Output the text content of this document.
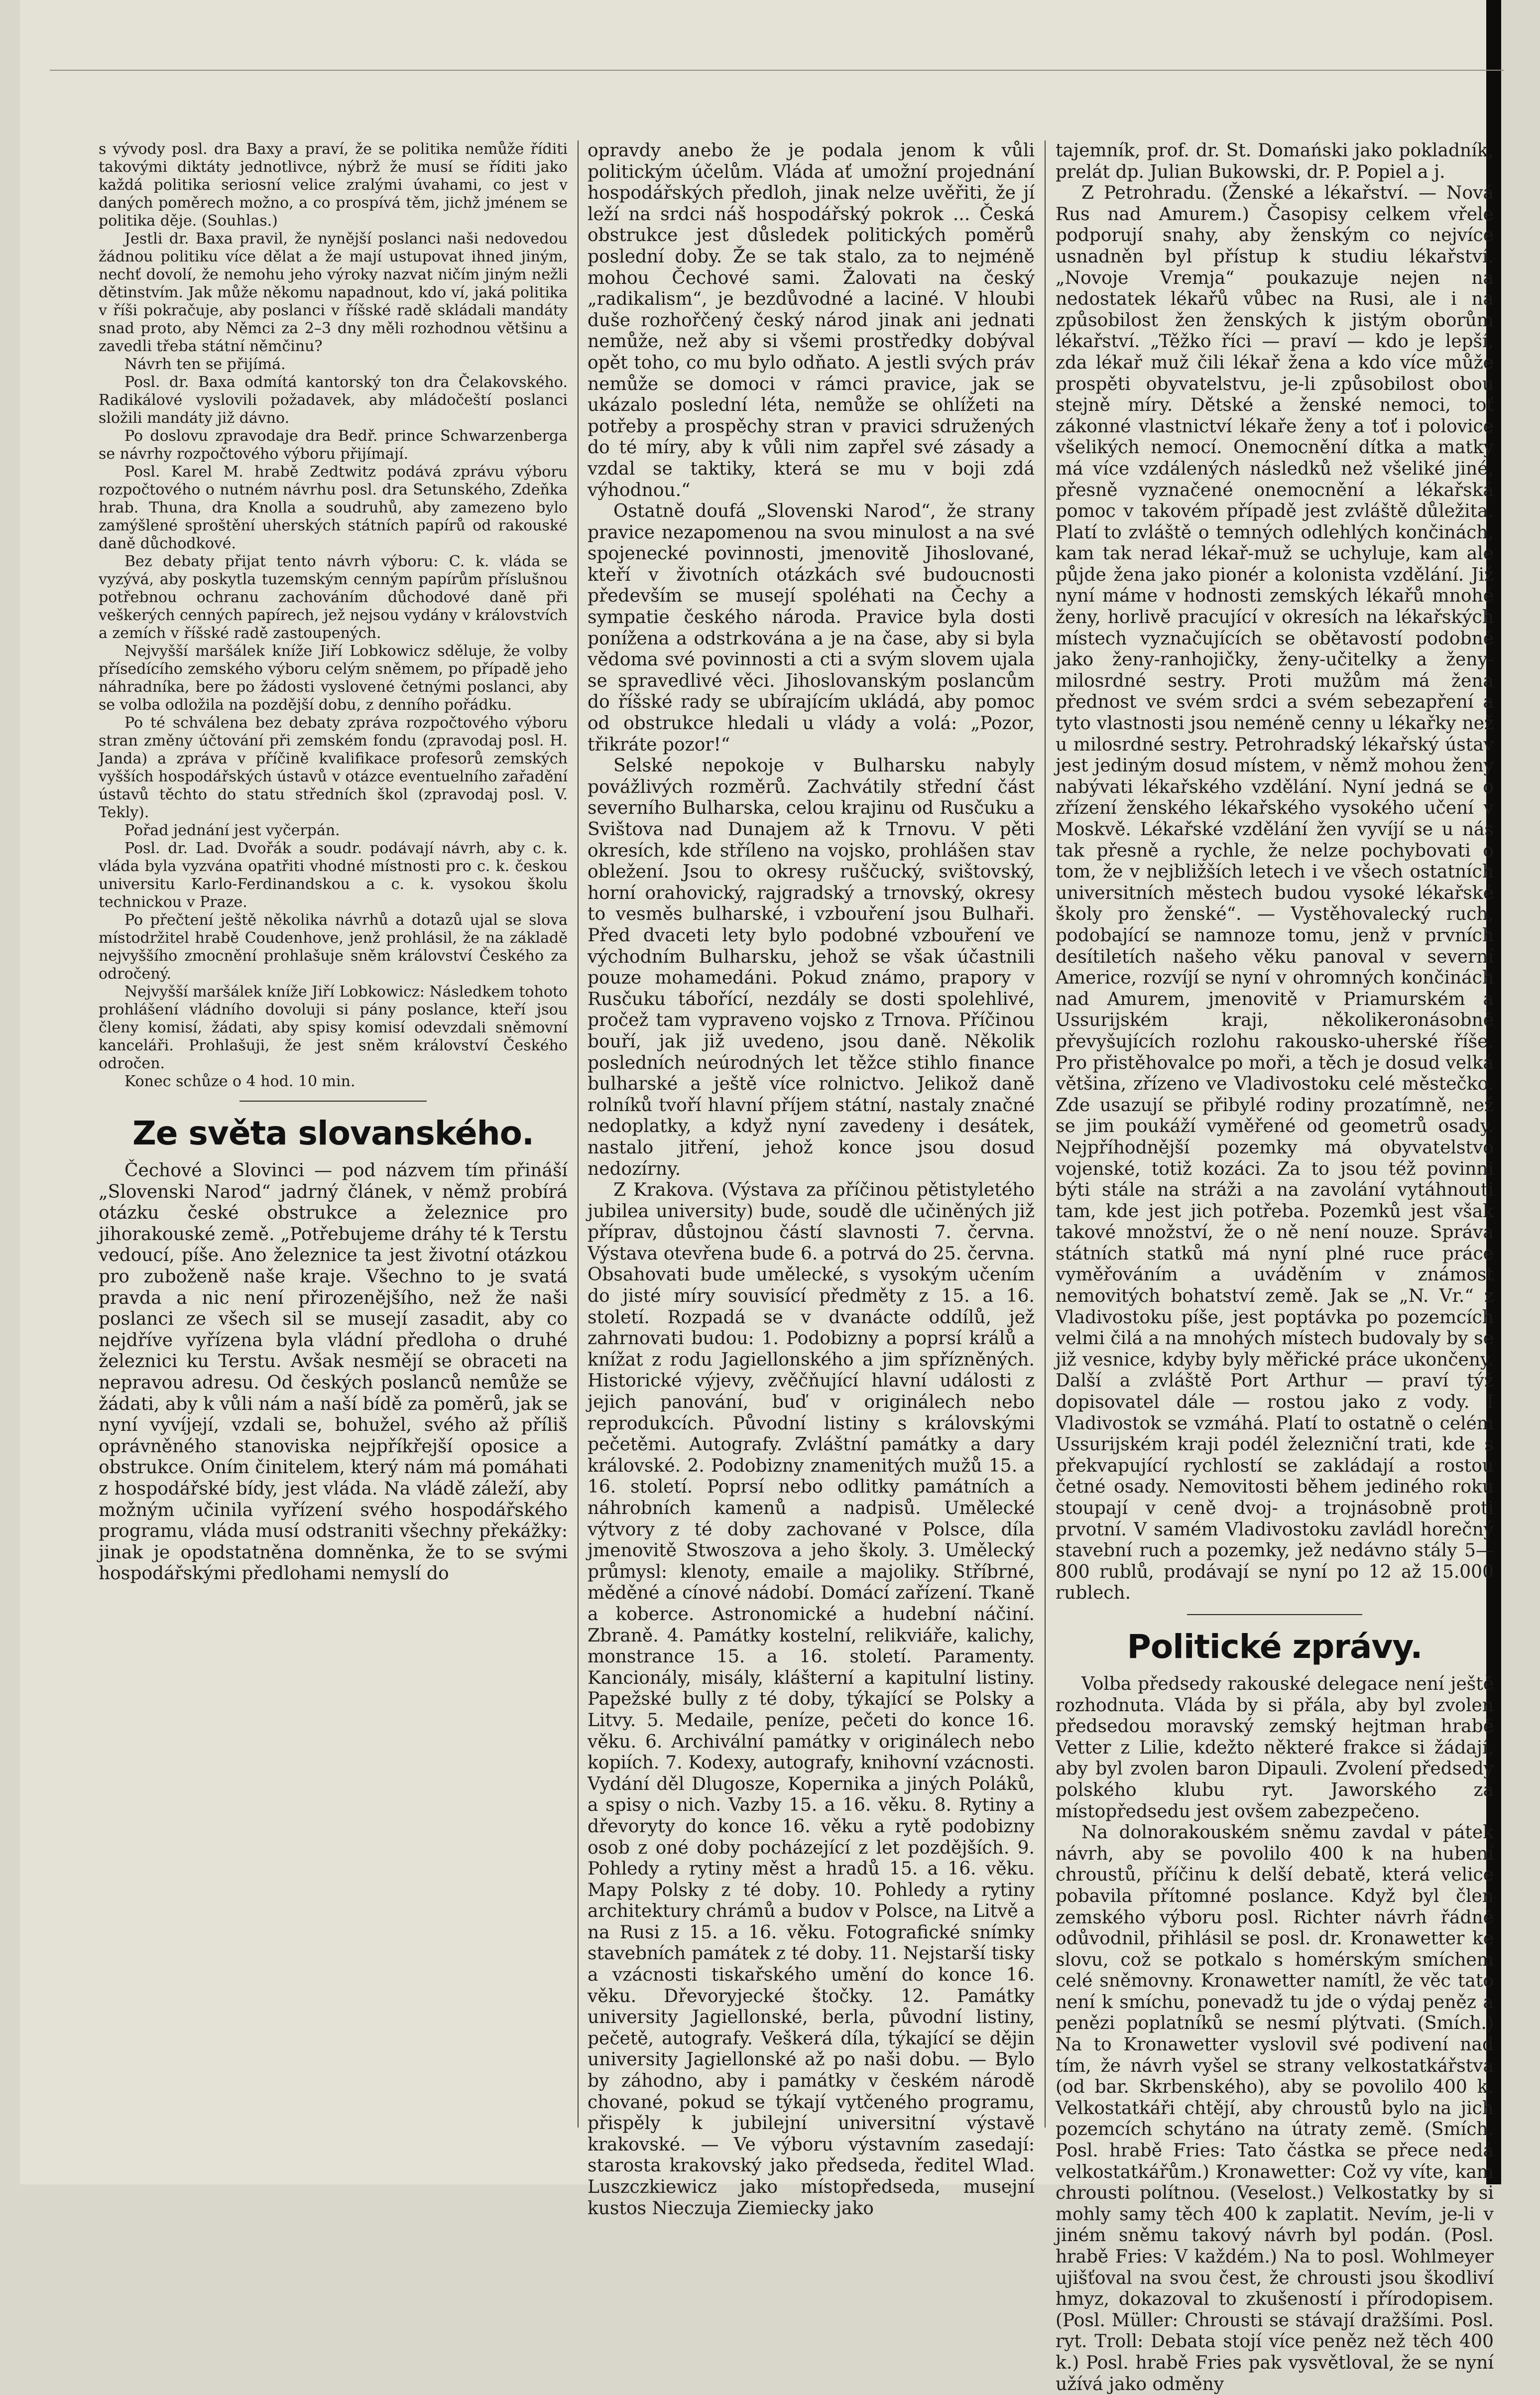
s vývody posl. dra Baxy a praví, že se politika nemůže říditi takovými diktáty jednotlivce, nýbrž že musí se říditi jako každá politika seriosní velice zralými úvahami, co jest v daných poměrech možno, a co prospívá těm, jichž jménem se politika děje. (Souhlas.)

Jestli dr. Baxa pravil, že nynější poslanci naši nedovedou žádnou politiku více dělat a že mají ustupovat ihned jiným, nechť dovolí, že nemohu jeho výroky nazvat ničím jiným nežli dětinstvím. Jak může někomu napadnout, kdo ví, jaká politika v říši pokračuje, aby poslanci v říšské radě skládali mandáty snad proto, aby Němci za 2–3 dny měli rozhodnou většinu a zavedli třeba státní němčinu?

Návrh ten se přijímá.

Posl. dr. Baxa odmítá kantorský ton dra Čelakovského. Radikálové vyslovili požadavek, aby mládočeští poslanci složili mandáty již dávno.

Po doslovu zpravodaje dra Bedř. prince Schwarzenberga se návrhy rozpočtového výboru přijímají.

Posl. Karel M. hrabě Zedtwitz podává zprávu výboru rozpočtového o nutném návrhu posl. dra Setunského, Zdeňka hrab. Thuna, dra Knolla a soudruhů, aby zamezeno bylo zamýšlené sproštění uherských státních papírů od rakouské daně důchodkové.

Bez debaty přijat tento návrh výboru: C. k. vláda se vyzývá, aby poskytla tuzemským cenným papírům příslušnou potřebnou ochranu zachováním důchodové daně při veškerých cenných papírech, jež nejsou vydány v královstvích a zemích v říšské radě zastoupených.

Nejvyšší maršálek kníže Jiří Lobkowicz sděluje, že volby přísedícího zemského výboru celým sněmem, po případě jeho náhradníka, bere po žádosti vyslovené četnými poslanci, aby se volba odložila na pozdější dobu, z denního pořádku.

Po té schválena bez debaty zpráva rozpočtového výboru stran změny účtování při zemském fondu (zpravodaj posl. H. Janda) a zpráva v příčině kvalifikace profesorů zemských vyšších hospodářských ústavů v otázce eventuelního zařadění ústavů těchto do statu středních škol (zpravodaj posl. V. Tekly).

Pořad jednání jest vyčerpán.

Posl. dr. Lad. Dvořák a soudr. podávají návrh, aby c. k. vláda byla vyzvána opatřiti vhodné místnosti pro c. k. českou universitu Karlo-Ferdinandskou a c. k. vysokou školu technickou v Praze.

Po přečtení ještě několika návrhů a dotazů ujal se slova místodržitel hrabě Coudenhove, jenž prohlásil, že na základě nejvyššího zmocnění prohlašuje sněm království Českého za odročený.

Nejvyšší maršálek kníže Jiří Lobkowicz: Následkem tohoto prohlášení vládního dovoluji si pány poslance, kteří jsou členy komisí, žádati, aby spisy komisí odevzdali sněmovní kanceláři. Prohlašuji, že jest sněm království Českého odročen.

Konec schůze o 4 hod. 10 min.

Ze světa slovanského.

Čechové a Slovinci — pod názvem tím přináší „Slovenski Narod“ jadrný článek, v němž probírá otázku české obstrukce a železnice pro jihorakouské země. „Potřebujeme dráhy té k Terstu vedoucí, píše. Ano železnice ta jest životní otázkou pro zuboženě naše kraje. Všechno to je svatá pravda a nic není přirozenějšího, než že naši poslanci ze všech sil se musejí zasadit, aby co nejdříve vyřízena byla vládní předloha o druhé železnici ku Terstu. Avšak nesmějí se obraceti na nepravou adresu. Od českých poslanců nemůže se žádati, aby k vůli nám a naší bídě za poměrů, jak se nyní vyvíjejí, vzdali se, bohužel, svého až příliš oprávněného stanoviska nejpříkřejší oposice a obstrukce. Oním činitelem, který nám má pomáhati z hospodářské bídy, jest vláda. Na vládě záleží, aby možným učinila vyřízení svého hospodářského programu, vláda musí odstraniti všechny překážky: jinak je opodstatněna domněnka, že to se svými hospodářskými předlohami nemyslí do

opravdy anebo že je podala jenom k vůli politickým účelům. Vláda ať umožní projednání hospodářských předloh, jinak nelze uvěřiti, že jí leží na srdci náš hospodářský pokrok ... Česká obstrukce jest důsledek politických poměrů poslední doby. Že se tak stalo, za to nejméně mohou Čechové sami. Žalovati na český „radikalism“, je bezdůvodné a laciné. V hloubi duše rozhořčený český národ jinak ani jednati nemůže, než aby si všemi prostředky dobýval opět toho, co mu bylo odňato. A jestli svých práv nemůže se domoci v rámci pravice, jak se ukázalo poslední léta, nemůže se ohlížeti na potřeby a prospěchy stran v pravici sdružených do té míry, aby k vůli nim zapřel své zásady a vzdal se taktiky, která se mu v boji zdá výhodnou.“

Ostatně doufá „Slovenski Narod“, že strany pravice nezapomenou na svou minulost a na své spojenecké povinnosti, jmenovitě Jihoslované, kteří v životních otázkách své budoucnosti především se musejí spoléhati na Čechy a sympatie českého národa. Pravice byla dosti ponížena a odstrkována a je na čase, aby si byla vědoma své povinnosti a cti a svým slovem ujala se spravedlivé věci. Jihoslovanským poslancům do říšské rady se ubírajícím ukládá, aby pomoc od obstrukce hledali u vlády a volá: „Pozor, třikráte pozor!“

Selské nepokoje v Bulharsku nabyly povážlivých rozměrů. Zachvátily střední část severního Bulharska, celou krajinu od Rusčuku a Svištova nad Dunajem až k Trnovu. V pěti okresích, kde stříleno na vojsko, prohlášen stav obležení. Jsou to okresy ruščucký, svištovský, horní orahovický, rajgradský a trnovský, okresy to vesměs bulharské, i vzbouření jsou Bulhaři. Před dvaceti lety bylo podobné vzbouření ve východním Bulharsku, jehož se však účastnili pouze mohamedáni. Pokud známo, prapory v Rusčuku tábořící, nezdály se dosti spolehlivé, pročež tam vypraveno vojsko z Trnova. Příčinou bouří, jak již uvedeno, jsou daně. Několik posledních neúrodných let těžce stihlo finance bulharské a ještě více rolnictvo. Jelikož daně rolníků tvoří hlavní příjem státní, nastaly značné nedoplatky, a když nyní zavedeny i desátek, nastalo jitření, jehož konce jsou dosud nedozírny.

Z Krakova. (Výstava za příčinou pětistyletého jubilea university) bude, soudě dle učiněných již příprav, důstojnou částí slavnosti 7. června. Výstava otevřena bude 6. a potrvá do 25. června. Obsahovati bude umělecké, s vysokým učením do jisté míry souvisící předměty z 15. a 16. století. Rozpadá se v dvanácte oddílů, jež zahrnovati budou: 1. Podobizny a poprsí králů a knížat z rodu Jagiellonského a jim spřízněných. Historické výjevy, zvěčňující hlavní události z jejich panování, buď v originálech nebo reprodukcích. Původní listiny s královskými pečetěmi. Autografy. Zvláštní památky a dary královské. 2. Podobizny znamenitých mužů 15. a 16. století. Poprsí nebo odlitky památních a náhrobních kamenů a nadpisů. Umělecké výtvory z té doby zachované v Polsce, díla jmenovitě Stwoszova a jeho školy. 3. Umělecký průmysl: klenoty, emaile a majoliky. Stříbrné, měděné a cínové nádobí. Domácí zařízení. Tkaně a koberce. Astronomické a hudební náčiní. Zbraně. 4. Památky kostelní, relikviáře, kalichy, monstrance 15. a 16. století. Paramenty. Kancionály, misály, klášterní a kapitulní listiny. Papežské bully z té doby, týkající se Polsky a Litvy. 5. Medaile, peníze, pečeti do konce 16. věku. 6. Archivální památky v originálech nebo kopiích. 7. Kodexy, autografy, knihovní vzácnosti. Vydání děl Dlugosze, Kopernika a jiných Poláků, a spisy o nich. Vazby 15. a 16. věku. 8. Rytiny a dřevoryty do konce 16. věku a rytě podobizny osob z oné doby pocházející z let pozdějších. 9. Pohledy a rytiny měst a hradů 15. a 16. věku. Mapy Polsky z té doby. 10. Pohledy a rytiny architektury chrámů a budov v Polsce, na Litvě a na Rusi z 15. a 16. věku. Fotografické snímky stavebních památek z té doby. 11. Nejstarší tisky a vzácnosti tiskařského umění do konce 16. věku. Dřevoryjecké štočky. 12. Památky university Jagiellonské, berla, původní listiny, pečetě, autografy. Veškerá díla, týkající se dějin university Jagiellonské až po naši dobu. — Bylo by záhodno, aby i památky v českém národě chované, pokud se týkají vytčeného programu, přispěly k jubilejní universitní výstavě krakovské. — Ve výboru výstavním zasedají: starosta krakovský jako předseda, ředitel Wlad. Luszczkiewicz jako místopředseda, musejní kustos Nieczuja Ziemiecky jako

tajemník, prof. dr. St. Domański jako pokladník, prelát dp. Julian Bukowski, dr. P. Popiel a j.

Z Petrohradu. (Ženské a lékařství. — Nová Rus nad Amurem.) Časopisy celkem vřele podporují snahy, aby ženským co nejvíce usnadněn byl přístup k studiu lékařství. „Novoje Vremja“ poukazuje nejen na nedostatek lékařů vůbec na Rusi, ale i na způsobilost žen ženských k jistým oborům lékařství. „Těžko říci — praví — kdo je lepší, zda lékař muž čili lékař žena a kdo více může prospěti obyvatelstvu, je-li způsobilost obou stejně míry. Dětské a ženské nemoci, toť zákonné vlastnictví lékaře ženy a toť i polovice všelikých nemocí. Onemocnění dítka a matky má více vzdálených následků než všeliké jiné, přesně vyznačené onemocnění a lékařská pomoc v takovém případě jest zvláště důležita. Platí to zvláště o temných odlehlých končinách, kam tak nerad lékař-muž se uchyluje, kam ale půjde žena jako pionér a kolonista vzdělání. Již nyní máme v hodnosti zemských lékařů mnohé ženy, horlivě pracující v okresích na lékařských místech vyznačujících se obětavostí podobně jako ženy-ranhojičky, ženy-učitelky a ženy-milosrdné sestry. Proti mužům má žena přednost ve svém srdci a svém sebezapření a tyto vlastnosti jsou neméně cenny u lékařky než u milosrdné sestry. Petrohradský lékařský ústav jest jediným dosud místem, v němž mohou ženy nabývati lékařského vzdělání. Nyní jedná se o zřízení ženského lékařského vysokého učení v Moskvě. Lékařské vzdělání žen vyvíjí se u nás tak přesně a rychle, že nelze pochybovati o tom, že v nejbližších letech i ve všech ostatních universitních městech budou vysoké lékařské školy pro ženské“. — Vystěhovalecký ruch, podobající se namnoze tomu, jenž v prvních desítiletích našeho věku panoval v severní Americe, rozvíjí se nyní v ohromných končinách nad Amurem, jmenovitě v Priamurském a Ussurijském kraji, několikeronásobně převyšujících rozlohu rakousko-uherské říše. Pro přistěhovalce po moři, a těch je dosud velká většina, zřízeno ve Vladivostoku celé městečko. Zde usazují se přibylé rodiny prozatímně, než se jim poukáží vyměřené od geometrů osady. Nejpříhodnější pozemky má obyvatelstvo vojenské, totiž kozáci. Za to jsou též povinni býti stále na stráži a na zavolání vytáhnouti tam, kde jest jich potřeba. Pozemků jest však takové množství, že o ně není nouze. Správa státních statků má nyní plné ruce práce vyměřováním a uváděním v známost nemovitých bohatství země. Jak se „N. Vr.“ z Vladivostoku píše, jest poptávka po pozemcích velmi čilá a na mnohých místech budovaly by se již vesnice, kdyby byly měřické práce ukončeny. Další a zvláště Port Arthur — praví týž dopisovatel dále — rostou jako z vody. I Vladivostok se vzmáhá. Platí to ostatně o celém Ussurijském kraji podél železniční trati, kde s překvapující rychlostí se zakládají a rostou četné osady. Nemovitosti během jediného roku stoupají v ceně dvoj- a trojnásobně proti prvotní. V samém Vladivostoku zavládl horečný stavební ruch a pozemky, jež nedávno stály 5—800 rublů, prodávají se nyní po 12 až 15.000 rublech.

Politické zprávy.

Volba předsedy rakouské delegace není ještě rozhodnuta. Vláda by si přála, aby byl zvolen předsedou moravský zemský hejtman hrabě Vetter z Lilie, kdežto některé frakce si žádají, aby byl zvolen baron Dipauli. Zvolení předsedy polského klubu ryt. Jaworského za místopředsedu jest ovšem zabezpečeno.

Na dolnorakouském sněmu zavdal v pátek návrh, aby se povolilo 400 k na hubení chroustů, příčinu k delší debatě, která velice pobavila přítomné poslance. Když byl člen zemského výboru posl. Richter návrh řádně odůvodnil, přihlásil se posl. dr. Kronawetter ke slovu, což se potkalo s homérským smíchem celé sněmovny. Kronawetter namítl, že věc tato není k smíchu, ponevadž tu jde o výdaj peněz a penězi poplatníků se nesmí plýtvati. (Smích.) Na to Kronawetter vyslovil své podivení nad tím, že návrh vyšel se strany velkostatkářstva (od bar. Skrbenského), aby se povolilo 400 k. Velkostatkáři chtějí, aby chroustů bylo na jich pozemcích schytáno na útraty země. (Smích. Posl. hrabě Fries: Tato částka se přece nedá velkostatkářům.) Kronawetter: Což vy víte, kam chrousti polítnou. (Veselost.) Velkostatky by si mohly samy těch 400 k zaplatit. Nevím, je-li v jiném sněmu takový návrh byl podán. (Posl. hrabě Fries: V každém.) Na to posl. Wohlmeyer ujišťoval na svou čest, že chrousti jsou škodliví hmyz, dokazoval to zkušeností i přírodopisem. (Posl. Müller: Chrousti se stávají dražšími. Posl. ryt. Troll: Debata stojí více peněz než těch 400 k.) Posl. hrabě Fries pak vysvětloval, že se nyní užívá jako odměny
